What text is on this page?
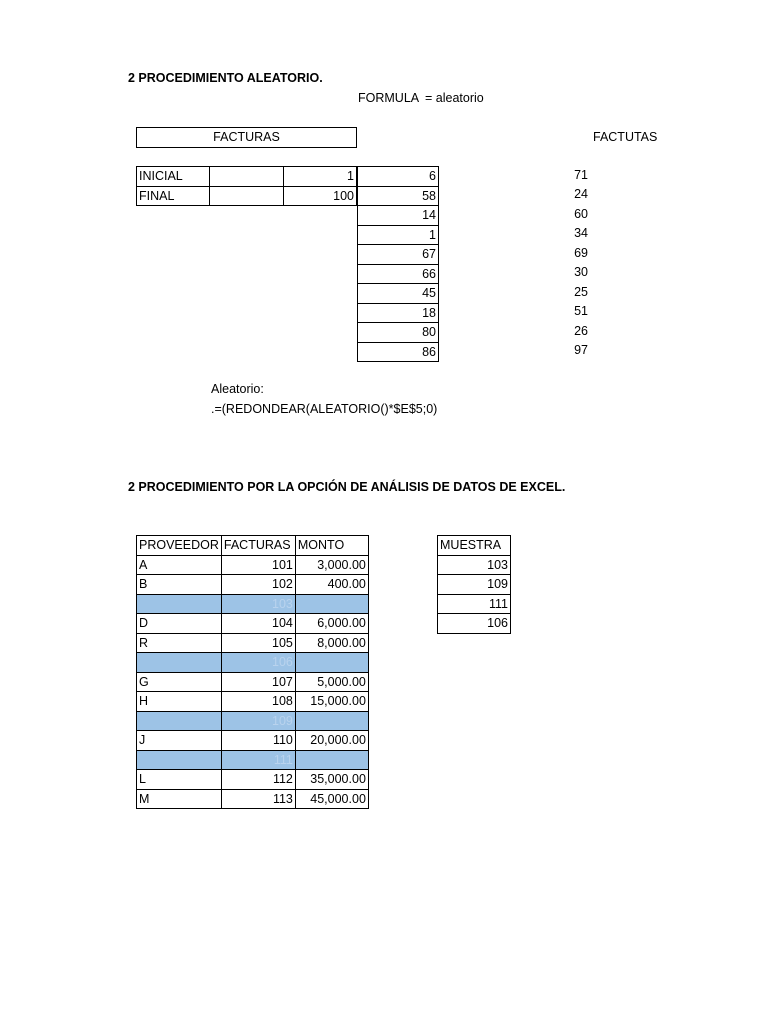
2 PROCEDIMIENTO ALEATORIO.
FORMULA = aleatorio
FACTURAS	FACTUTAS
INICIAL		1
FINAL		100
6
58
14
1
67
66
45
18
80
86
71
24
60
34
69
30
25
51
26
97
Aleatorio:
.=(REDONDEAR(ALEATORIO()*$E$5;0)
2 PROCEDIMIENTO POR LA OPCIÓN DE ANÁLISIS DE DATOS DE EXCEL.
PROVEEDOR	FACTURAS	MONTO
A	101	3,000.00
B	102	400.00
	103	
D	104	6,000.00
R	105	8,000.00
	106	
G	107	5,000.00
H	108	15,000.00
	109	
J	110	20,000.00
	111	
L	112	35,000.00
M	113	45,000.00
MUESTRA
103
109
111
106
